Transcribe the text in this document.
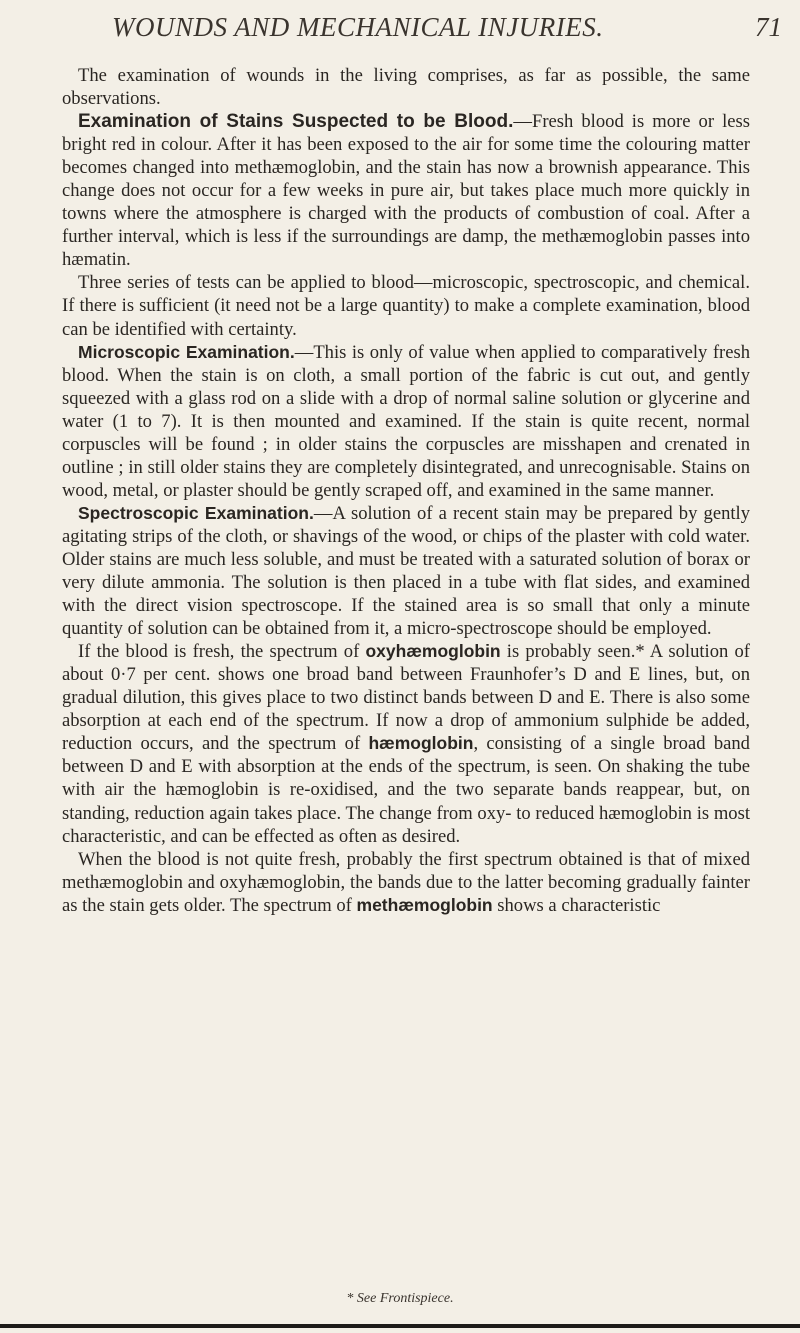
WOUNDS AND MECHANICAL INJURIES.	71

The examination of wounds in the living comprises, as far as possible, the same observations.

Examination of Stains Suspected to be Blood.—Fresh blood is more or less bright red in colour. After it has been exposed to the air for some time the colouring matter becomes changed into methæmoglobin, and the stain has now a brownish appearance. This change does not occur for a few weeks in pure air, but takes place much more quickly in towns where the atmosphere is charged with the products of combustion of coal. After a further interval, which is less if the surroundings are damp, the methæmoglobin passes into hæmatin.

Three series of tests can be applied to blood—microscopic, spectroscopic, and chemical. If there is sufficient (it need not be a large quantity) to make a complete examination, blood can be identified with certainty.

Microscopic Examination.—This is only of value when applied to comparatively fresh blood. When the stain is on cloth, a small portion of the fabric is cut out, and gently squeezed with a glass rod on a slide with a drop of normal saline solution or glycerine and water (1 to 7). It is then mounted and examined. If the stain is quite recent, normal corpuscles will be found ; in older stains the corpuscles are misshapen and crenated in outline ; in still older stains they are completely disintegrated, and unrecognisable. Stains on wood, metal, or plaster should be gently scraped off, and examined in the same manner.

Spectroscopic Examination.—A solution of a recent stain may be prepared by gently agitating strips of the cloth, or shavings of the wood, or chips of the plaster with cold water. Older stains are much less soluble, and must be treated with a saturated solution of borax or very dilute ammonia. The solution is then placed in a tube with flat sides, and examined with the direct vision spectroscope. If the stained area is so small that only a minute quantity of solution can be obtained from it, a micro-spectroscope should be employed.

If the blood is fresh, the spectrum of oxyhæmoglobin is probably seen.* A solution of about 0·7 per cent. shows one broad band between Fraunhofer’s D and E lines, but, on gradual dilution, this gives place to two distinct bands between D and E. There is also some absorption at each end of the spectrum. If now a drop of ammonium sulphide be added, reduction occurs, and the spectrum of hæmoglobin, consisting of a single broad band between D and E with absorption at the ends of the spectrum, is seen. On shaking the tube with air the hæmoglobin is re-oxidised, and the two separate bands reappear, but, on standing, reduction again takes place. The change from oxy- to reduced hæmoglobin is most characteristic, and can be effected as often as desired.

When the blood is not quite fresh, probably the first spectrum obtained is that of mixed methæmoglobin and oxyhæmoglobin, the bands due to the latter becoming gradually fainter as the stain gets older. The spectrum of methæmoglobin shows a characteristic

* See Frontispiece.
